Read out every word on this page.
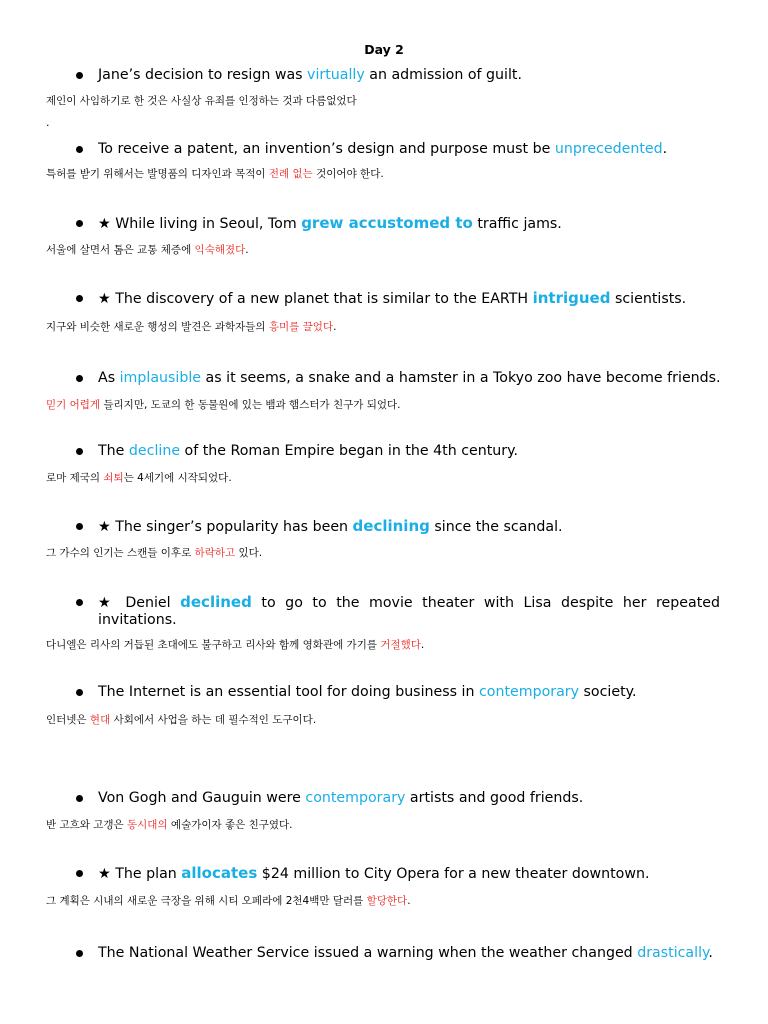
Day 2
Jane’s decision to resign was virtually an admission of guilt.
제인이 사임하기로 한 것은 사실상 유죄를 인정하는 것과 다름없었다
.
To receive a patent, an invention’s design and purpose must be unprecedented.
특허를 받기 위해서는 발명품의 디자인과 목적이 전례 없는 것이어야 한다.
★ While living in Seoul, Tom grew accustomed to traffic jams.
서울에 살면서 톰은 교통 체증에 익숙해졌다.
★ The discovery of a new planet that is similar to the EARTH intrigued scientists.
지구와 비슷한 새로운 행성의 발견은 과학자들의 흥미를 끌었다.
As implausible as it seems, a snake and a hamster in a Tokyo zoo have become friends.
믿기 어렵게 들리지만, 도쿄의 한 동물원에 있는 뱀과 햄스터가 친구가 되었다.
The decline of the Roman Empire began in the 4th century.
로마 제국의 쇠퇴는 4세기에 시작되었다.
★ The singer’s popularity has been declining since the scandal.
그 가수의 인기는 스캔들 이후로 하락하고 있다.
★ Deniel declined to go to the movie theater with Lisa despite her repeated invitations.
다니엘은 리사의 거듭된 초대에도 불구하고 리사와 함께 영화관에 가기를 거절했다.
The Internet is an essential tool for doing business in contemporary society.
인터넷은 현대 사회에서 사업을 하는 데 필수적인 도구이다.
Von Gogh and Gauguin were contemporary artists and good friends.
반 고흐와 고갱은 동시대의 예술가이자 좋은 친구였다.
★ The plan allocates $24 million to City Opera for a new theater downtown.
그 계획은 시내의 새로운 극장을 위해 시티 오페라에 2천4백만 달러를 할당한다.
The National Weather Service issued a warning when the weather changed drastically.
